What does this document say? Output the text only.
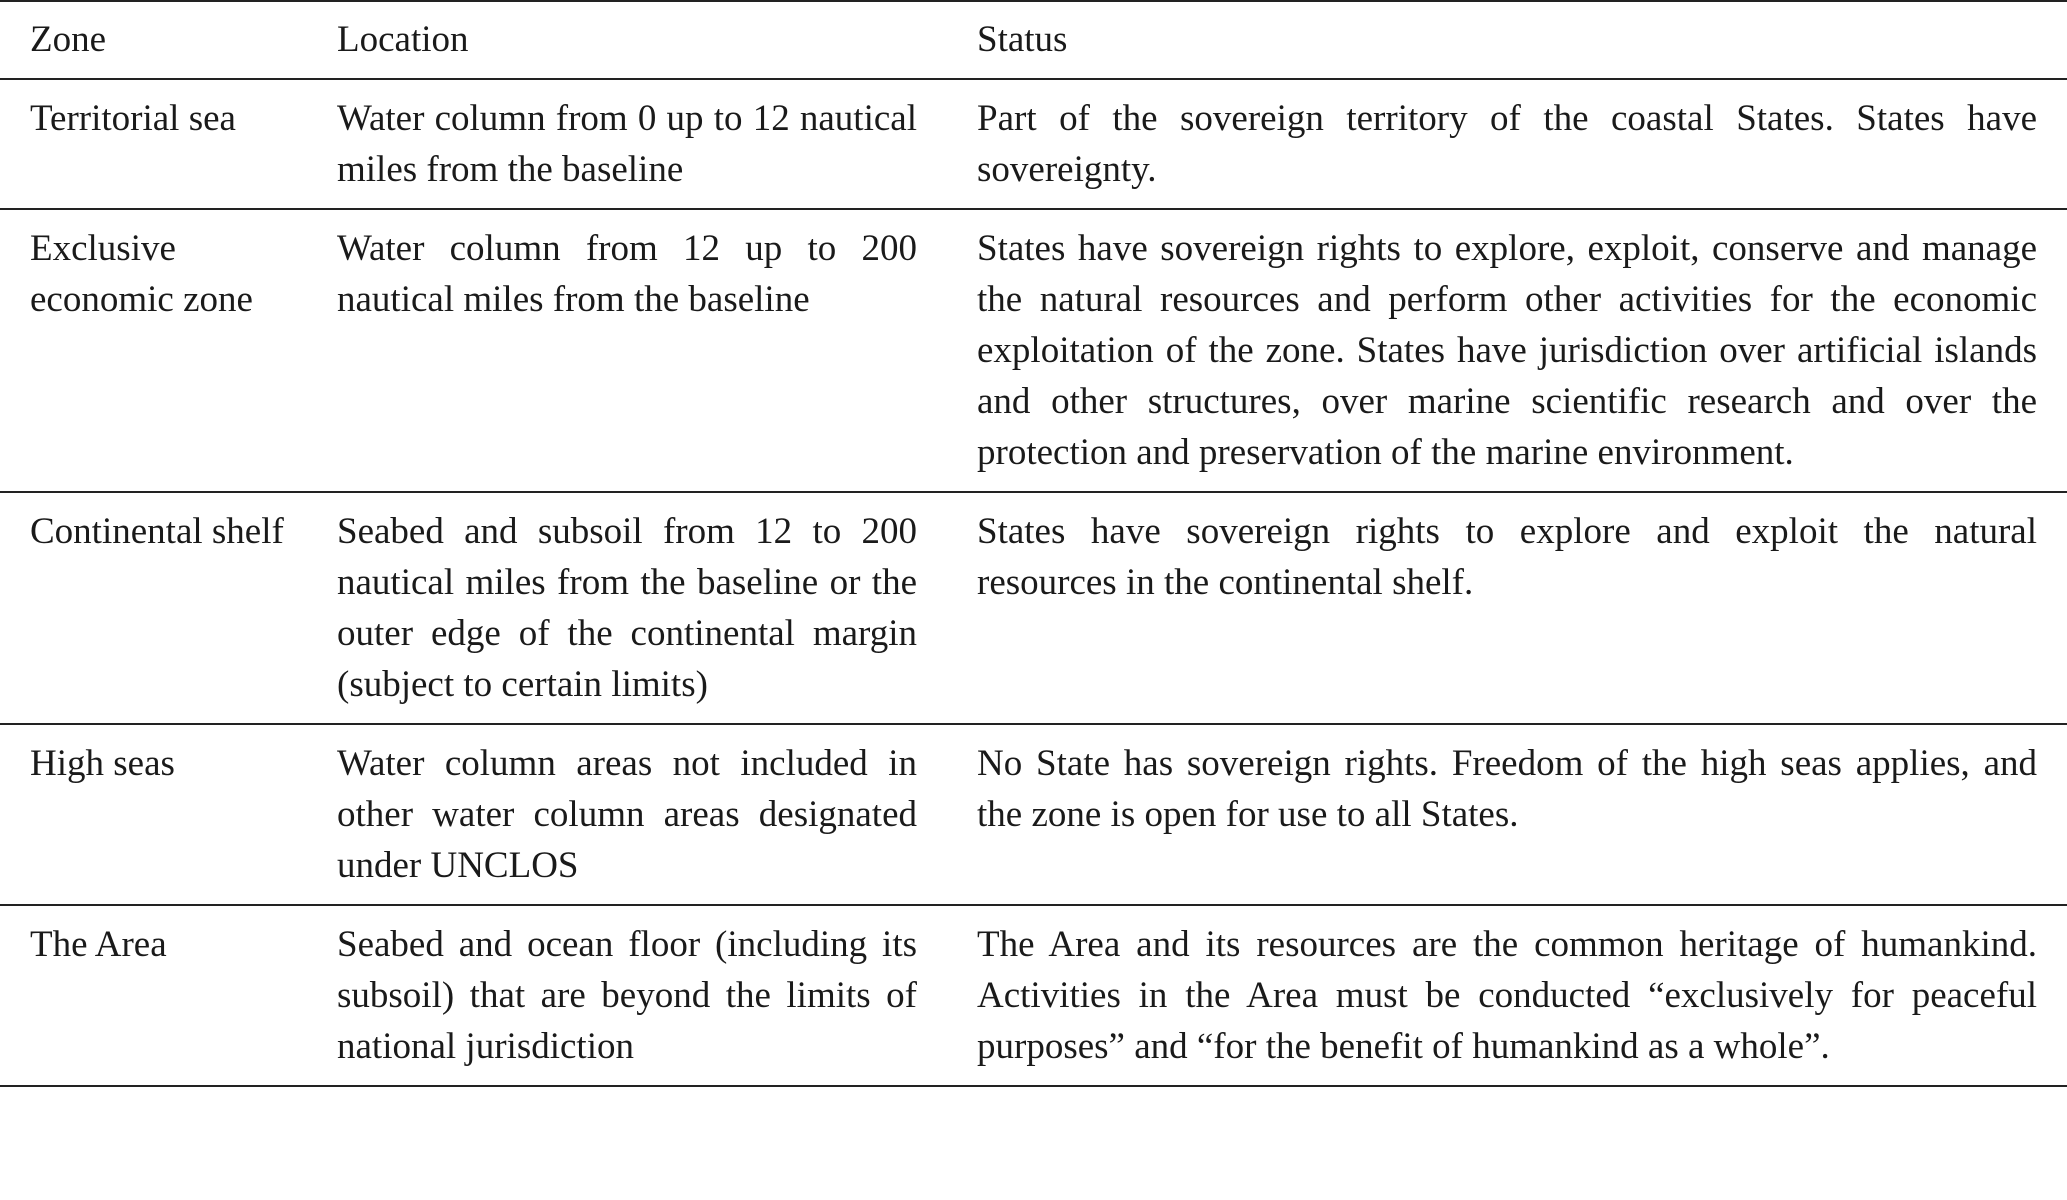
Zone	Location	Status
Territorial sea	Water column from 0 up to 12 nautical miles from the baseline	Part of the sovereign territory of the coastal States. States have sovereignty.
Exclusive economic zone	Water column from 12 up to 200 nautical miles from the baseline	States have sovereign rights to explore, exploit, conserve and manage the natural resources and perform other activities for the economic exploitation of the zone. States have jurisdiction over artificial islands and other structures, over marine scientific research and over the protection and preservation of the marine environment.
Continental shelf	Seabed and subsoil from 12 to 200 nautical miles from the baseline or the outer edge of the continental margin (subject to certain limits)	States have sovereign rights to explore and exploit the natural resources in the continental shelf.
High seas	Water column areas not included in other water column areas designated under UNCLOS	No State has sovereign rights. Freedom of the high seas applies, and the zone is open for use to all States.
The Area	Seabed and ocean floor (including its subsoil) that are beyond the limits of national jurisdiction	The Area and its resources are the common heritage of humankind. Activities in the Area must be conducted “exclusively for peaceful purposes” and “for the benefit of humankind as a whole”.
